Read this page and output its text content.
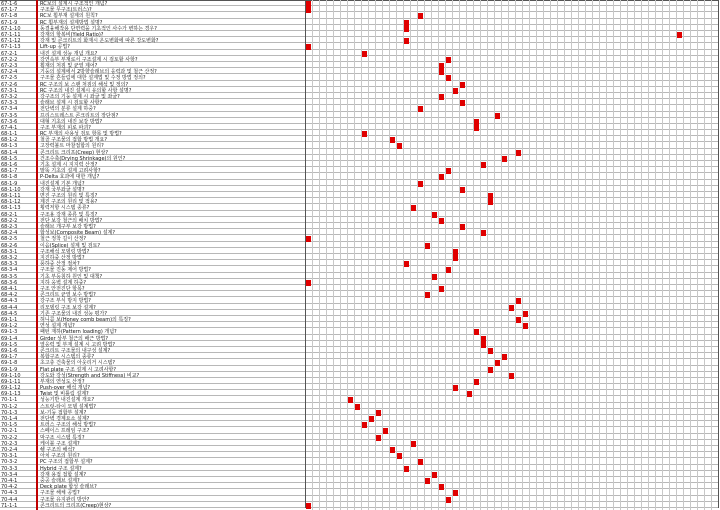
67-1-6	RC보의 설계시 구조적인 개념?
67-1-7	구조물 무구조(트러스)?
67-1-8	RC보 휨부재 설계의 원칙?
67-1-9	RC 휨부재의 설계방법 설명?
67-1-10	동결융해작용 단면력을 기초적인 사수가 변하는 경우?
67-1-11	강재의 항복비(Yield Ratio)?
67-1-12	강재 및 콘크리트의 화재시 온도변화에 따른 강도변화?
67-1-13	Lift-up 공법?
67-2-1	내진 설계 성능 개념 개요?
67-2-2	강연속부 부재로서 구조설계 시 검토할 사항?
67-2-3	휨재의 처짐 및 균열 제어?
67-2-4	기둥의 설계에서 2방향슬래브의 응력과 및 철근 산정?
67-2-5	구조물 흔들림에 대한 설계법 및 수정 방법 정의?
67-2-6	RC 구조의 보 스팬 처짐의 해석 및 정의?
67-3-1	RC 구조의 내진 설계시 유의할 사항 설명?
67-3-2	강구조의 기둥 설계 시 좌굴 및 좌굴?
67-3-3	슬래브 설계 시 검토할 사항?
67-3-4	전단벽의 분류 설계 하중?
67-3-5	프리스트레스트 콘크리트의 장단점?
67-3-6	대형 기초의 내진 보강 방법?
67-4-1	구조 부재의 피로 파괴?
68-1-1	RC 부재의 사용성 검토 항목 및 방법?
68-1-2	철골 구조물의 접합 방법 개요?
68-1-3	고장력볼트 마찰접합의 원리?
68-1-4	콘크리트 크리프(Creep) 현상?
68-1-5	건조수축(Drying Shrinkage)의 원인?
68-1-6	기초 설계 시 지지력 산정?
68-1-7	말뚝 기초의 설계 고려사항?
68-1-8	P-Delta 효과에 대한 개념?
68-1-9	내진설계 기본 개념?
68-1-10	강재 국부좌굴 설명?
68-1-11	면진 구조의 원리 및 특징?
68-1-12	제진 구조의 원리 및 적용?
68-1-13	횡력저항 시스템 종류?
68-2-1	구조용 강재 종류 및 특징?
68-2-2	전단 보강 철근의 배치 방법?
68-2-3	슬래브 개구부 보강 방법?
68-2-4	합성보(Composite Beam) 설계?
68-2-5	철근 정착 길이 산정?
68-2-6	이음(Splice) 설계 및 검토?
68-3-1	구조해석 모델링 방법?
68-3-2	지진하중 산정 방법?
68-3-3	풍하중 산정 절차?
68-3-4	구조물 진동 제어 방법?
68-3-5	기초 부등침하 원인 및 대책?
68-3-6	지하 옹벽 설계 하중?
68-4-1	구조 안전진단 항목?
68-4-2	콘크리트 균열 보수 방법?
68-4-3	강구조 부식 방지 방법?
68-4-4	리모델링 구조 보강 설계?
68-4-5	기존 구조물의 내진 성능 평가?
69-1-1	허니콤 보(Honey comb beam)의 특징?
69-1-2	연성 설계 개념?
69-1-3	패턴 재하(Pattern loading) 개념?
69-1-4	Girder 상부 철근의 배근 방법?
69-1-5	열응력 및 부재 설계 시 고려 방법?
69-1-6	콘크리트 구조물의 내구성 설계?
69-1-7	복합구조 시스템의 종류?
69-1-8	초고층 건축물의 아웃리거 시스템?
69-1-9	Flat plate 구조 설계 시 고려사항?
69-1-10	강도와 강성(Strength and Stiffness) 비교?
69-1-11	부재의 연성도 산정?
69-1-12	Push-over 해석 개념?
69-1-13	Twist 및 비틀림 설계?
70-1-1	성능기반 내진설계 개요?
70-1-2	스트럿-타이 모델 설계법?
70-1-3	보-기둥 접합부 설계?
70-1-4	전단벽 경계요소 설계?
70-1-5	트러스 구조의 해석 방법?
70-2-1	스페이스 프레임 구조?
70-2-2	막구조 시스템 특징?
70-2-3	케이블 구조 설계?
70-2-4	쉘 구조의 해석?
70-3-1	아치 구조의 원리?
70-3-2	PC 구조의 접합부 설계?
70-3-3	Hybrid 구조 설계?
70-3-4	강재 용접 접합 설계?
70-4-1	중공 슬래브 설계?
70-4-2	Deck plate 합성 슬래브?
70-4-3	구조물 해체 공법?
70-4-4	구조물 유지관리 방안?
71-1-1	콘크리트의 크리프(Creep)현상?
